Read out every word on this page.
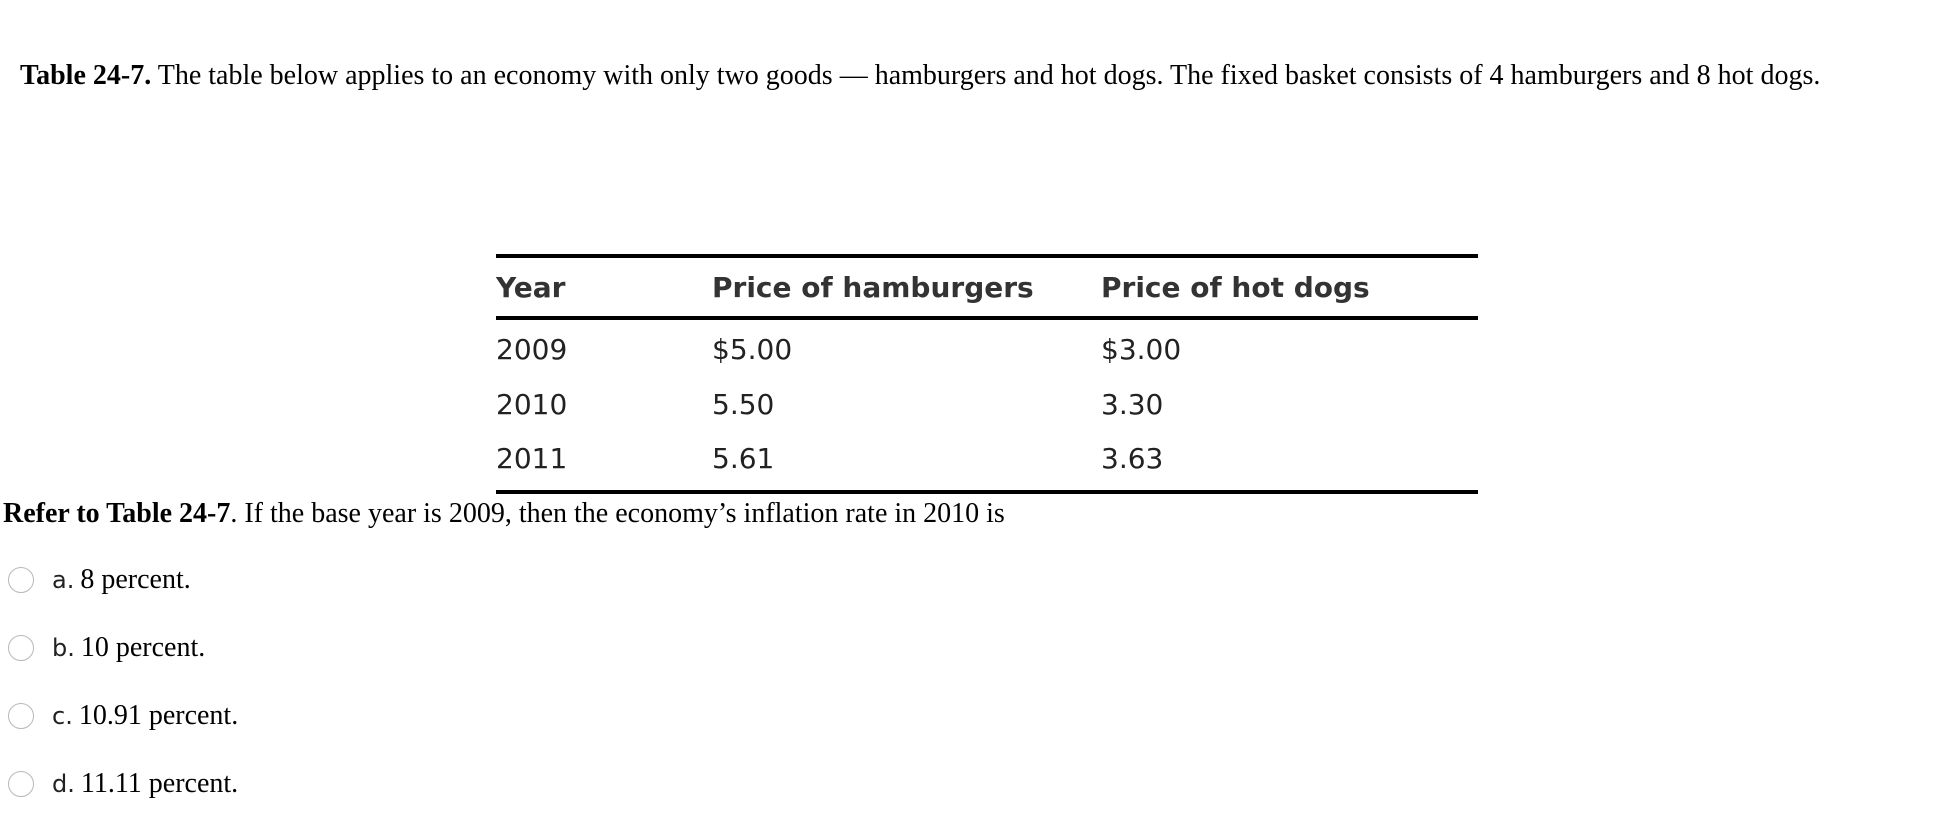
Table 24-7. The table below applies to an economy with only two goods — hamburgers and hot dogs. The fixed basket consists of 4 hamburgers and 8 hot dogs.
Year	Price of hamburgers	Price of hot dogs
2009	$5.00	$3.00
2010	5.50	3.30
2011	5.61	3.63
Refer to Table 24-7. If the base year is 2009, then the economy’s inflation rate in 2010 is
a. 8 percent.
b. 10 percent.
c. 10.91 percent.
d. 11.11 percent.
